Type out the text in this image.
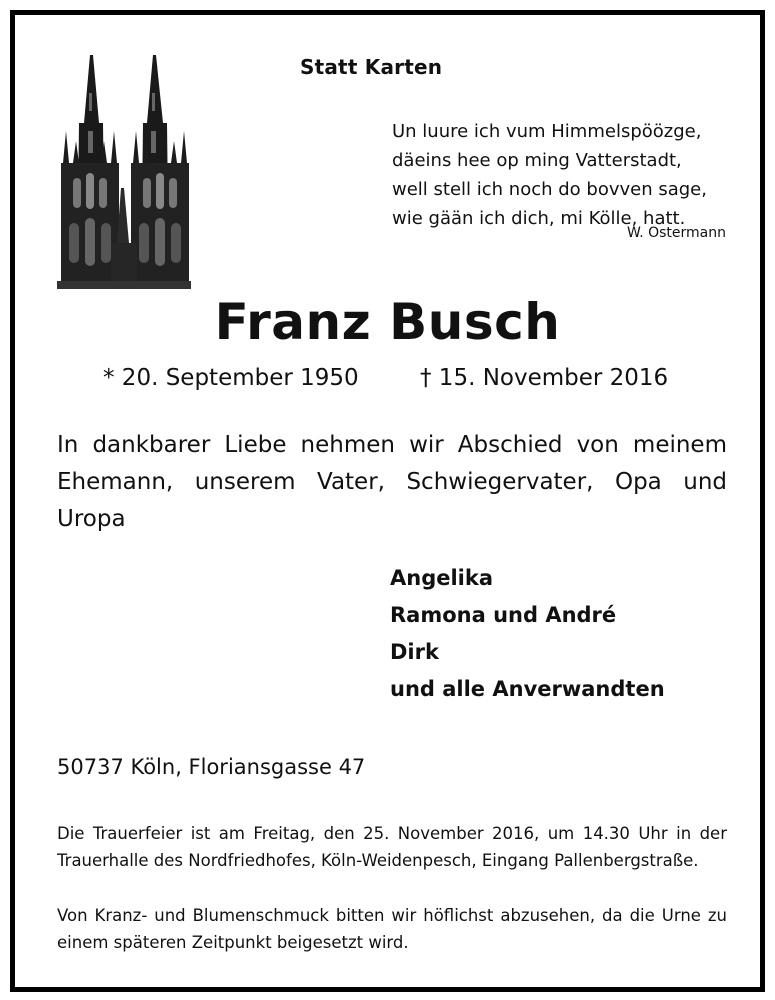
Statt Karten
Un luure ich vum Himmelspöözge,
däeins hee op ming Vatterstadt,
well stell ich noch do bovven sage,
wie gään ich dich, mi Kölle, hatt.
W. Ostermann
Franz Busch
* 20. September 1950	† 15. November 2016
In dankbarer Liebe nehmen wir Abschied von meinem Ehemann, unserem Vater, Schwiegervater, Opa und Uropa
Angelika
Ramona und André
Dirk
und alle Anverwandten
50737 Köln, Floriansgasse 47
Die Trauerfeier ist am Freitag, den 25. November 2016, um 14.30 Uhr in der Trauerhalle des Nordfriedhofes, Köln-Weidenpesch, Eingang Pallenbergstraße.
Von Kranz- und Blumenschmuck bitten wir höflichst abzusehen, da die Urne zu einem späteren Zeitpunkt beigesetzt wird.
